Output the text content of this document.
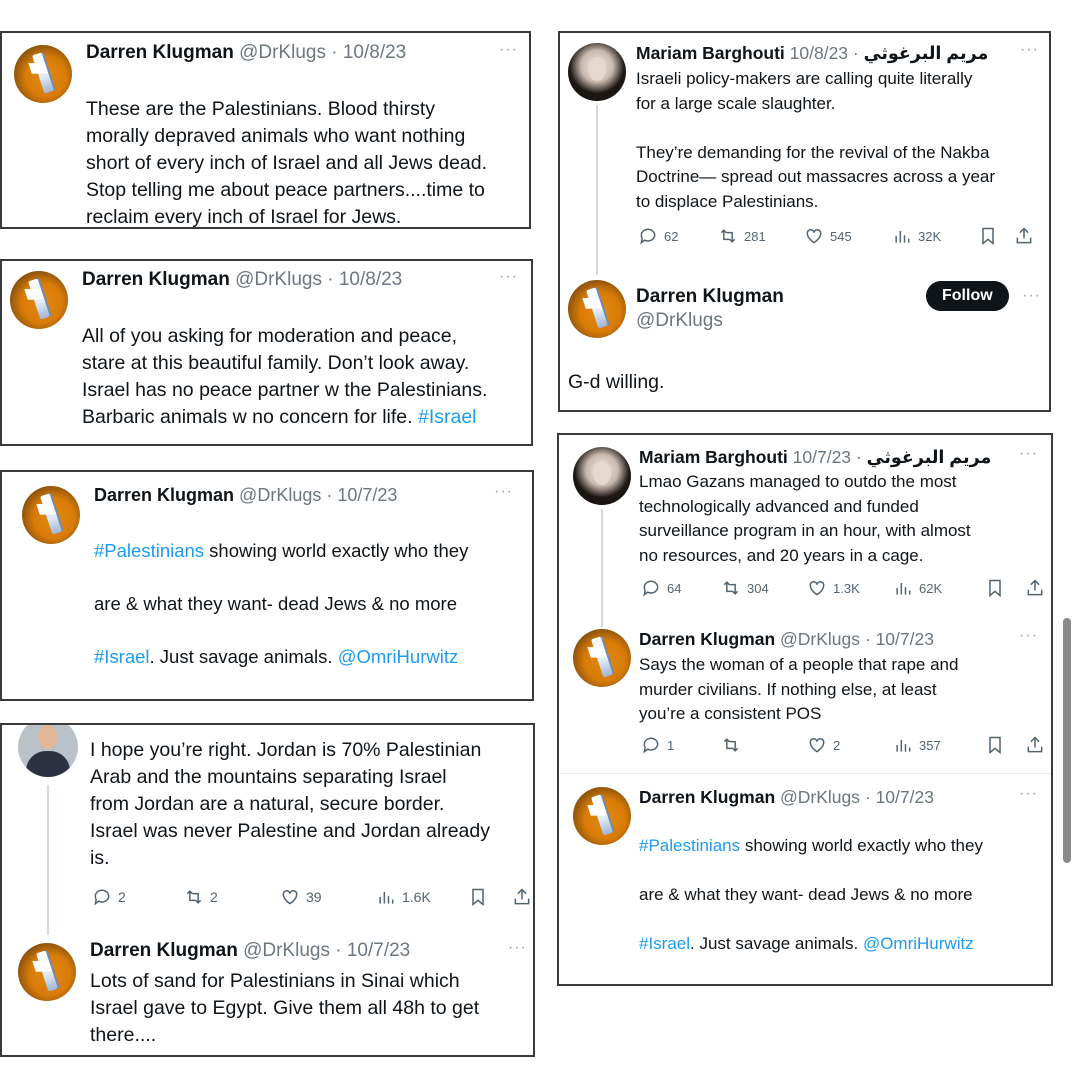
Darren Klugman @DrKlugs · 10/8/23	···

These are the Palestinians. Blood thirsty
morally depraved animals who want nothing
short of every inch of Israel and all Jews dead.
Stop telling me about peace partners....time to
reclaim every inch of Israel for Jews.

Darren Klugman @DrKlugs · 10/8/23	···

All of you asking for moderation and peace,
stare at this beautiful family. Don’t look away.
Israel has no peace partner w the Palestinians.
Barbaric animals w no concern for life. #Israel

Darren Klugman @DrKlugs · 10/7/23	···

#Palestinians showing world exactly who they

are & what they want- dead Jews & no more

#Israel. Just savage animals. @OmriHurwitz

I hope you’re right. Jordan is 70% Palestinian
Arab and the mountains separating Israel
from Jordan are a natural, secure border.
Israel was never Palestine and Jordan already
is.
2	2	39	1.6K
Darren Klugman @DrKlugs · 10/7/23	···
Lots of sand for Palestinians in Sinai which
Israel gave to Egypt. Give them all 48h to get
there....
Mariam Barghouti مريم البرغوثي · 10/8/23	···
Israeli policy-makers are calling quite literally
for a large scale slaughter.

They’re demanding for the revival of the Nakba
Doctrine— spread out massacres across a year
to displace Palestinians.
62	281	545	32K
Darren Klugman
@DrKlugs
Follow	···
G-d willing.
Mariam Barghouti مريم البرغوثي · 10/7/23	···
Lmao Gazans managed to outdo the most
technologically advanced and funded
surveillance program in an hour, with almost
no resources, and 20 years in a cage.
64	304	1.3K	62K
Darren Klugman @DrKlugs · 10/7/23	···
Says the woman of a people that rape and
murder civilians. If nothing else, at least
you’re a consistent POS
1	2	357
Darren Klugman @DrKlugs · 10/7/23	···

#Palestinians showing world exactly who they

are & what they want- dead Jews & no more

#Israel. Just savage animals. @OmriHurwitz
